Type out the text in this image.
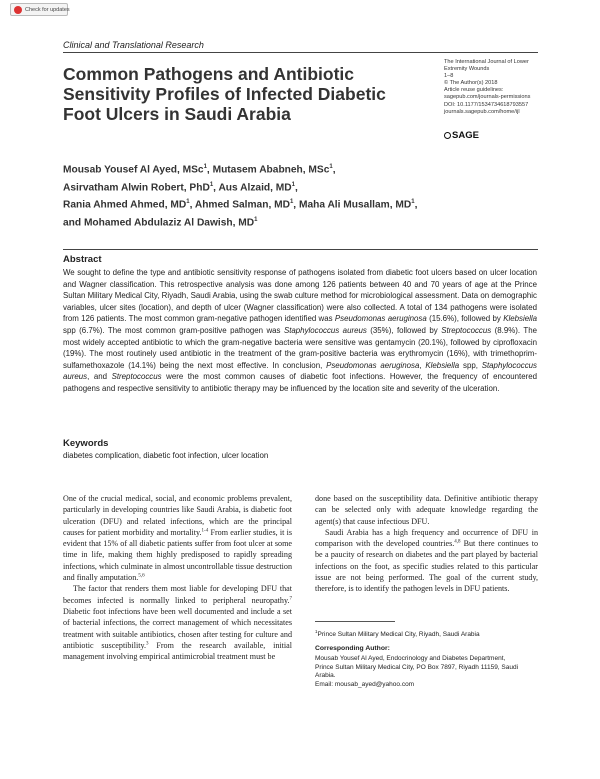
Check for updates
Clinical and Translational Research
Common Pathogens and Antibiotic Sensitivity Profiles of Infected Diabetic Foot Ulcers in Saudi Arabia
The International Journal of Lower
Extremity Wounds
1–8
© The Author(s) 2018
Article reuse guidelines:
sagepub.com/journals-permissions
DOI: 10.1177/1534734618793557
journals.sagepub.com/home/ijl
SAGE
Mousab Yousef Al Ayed, MSc$^1$, Mutasem Ababneh, MSc$^1$,
Asirvatham Alwin Robert, PhD$^1$, Aus Alzaid, $MD^1$,
Rania Ahmed Ahmed, $MD^1$, Ahmed Salman, $MD^1$, Maha Ali Musallam, $MD^1$,
and Mohamed Abdulaziz Al Dawish, $MD^1$
Abstract
We sought to define the type and antibiotic sensitivity response of pathogens isolated from diabetic foot ulcers based on ulcer location and Wagner classification. This retrospective analysis was done among 126 patients between 40 and 70 years of age at the Prince Sultan Military Medical City, Riyadh, Saudi Arabia, using the swab culture method for microbiological assessment. Data on demographic variables, ulcer sites (location), and depth of ulcer (Wagner classification) were also collected. A total of 134 pathogens were isolated from 126 patients. The most common gram-negative pathogen identified was Pseudomonas aeruginosa (15.6%), followed by Klebsiella spp (6.7%). The most common gram-positive pathogen was Staphylococcus aureus (35%), followed by Streptococcus (8.9%). The most widely accepted antibiotic to which the gram-negative bacteria were sensitive was gentamycin (20.1%), followed by ciprofloxacin (19%). The most routinely used antibiotic in the treatment of the gram-positive bacteria was erythromycin (16%), with trimethoprim-sulfamethoxazole (14.1%) being the next most effective. In conclusion, Pseudomonas aeruginosa, Klebsiella spp, Staphylococcus aureus, and Streptococcus were the most common causes of diabetic foot infections. However, the frequency of encountered pathogens and respective sensitivity to antibiotic therapy may be influenced by the location site and severity of the ulceration.
Keywords
diabetes complication, diabetic foot infection, ulcer location

One of the crucial medical, social, and economic problems prevalent, particularly in developing countries like Saudi Arabia, is diabetic foot ulceration (DFU) and related infections, which are the principal causes for patient morbidity and mortality.$^{1-4}$ From earlier studies, it is evident that 15% of all diabetic patients suffer from foot ulcer at some time in life, making them highly predisposed to rapidly spreading infections, which culminate in almost uncontrollable tissue destruction and finally amputation.$^{5,6}$

The factor that renders them most liable for developing DFU that becomes infected is normally linked to peripheral neuropathy.$^7$ Diabetic foot infections have been well documented and include a set of bacterial infections, the correct management of which necessitates treatment with suitable antibiotics, chosen after testing for culture and antibiotic susceptibility.$^3$ From the research available, initial management involving empirical antimicrobial treatment must be

done based on the susceptibility data. Definitive antibiotic therapy can be selected only with adequate knowledge regarding the agent(s) that cause infectious DFU.

Saudi Arabia has a high frequency and occurrence of DFU in comparison with the developed countries.$^{4,8}$ But there continues to be a paucity of research on diabetes and the part played by bacterial infections on the foot, as specific studies related to this particular issue are not being performed. The goal of the current study, therefore, is to identify the pathogen levels in DFU patients.

$^1$Prince Sultan Military Medical City, Riyadh, Saudi Arabia
Corresponding Author:
Mousab Yousef Al Ayed, Endocrinology and Diabetes Department,
Prince Sultan Military Medical City, PO Box 7897, Riyadh 11159, Saudi
Arabia.
Email: mousab_ayed@yahoo.com
